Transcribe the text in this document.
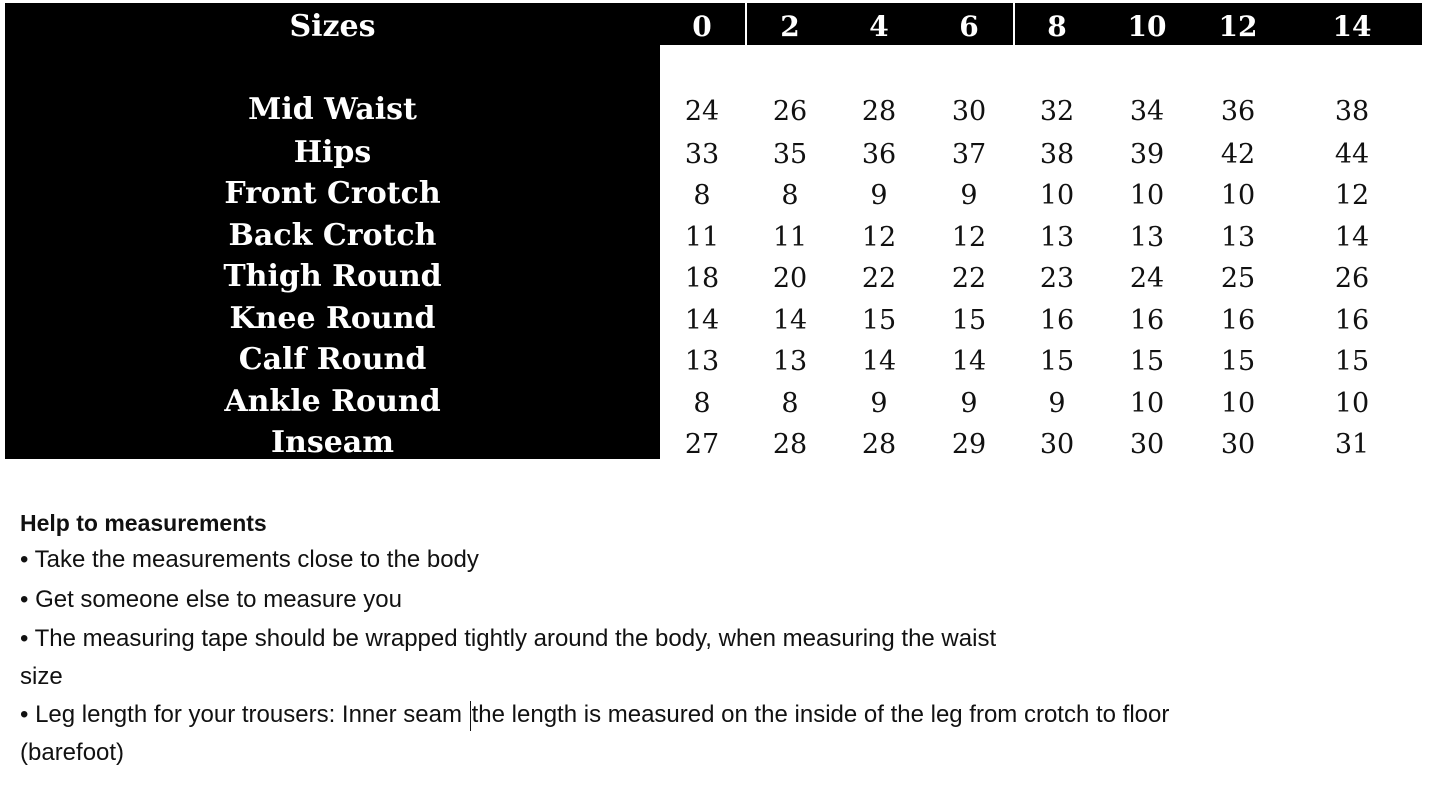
Sizes	0	2	4	6	8	10	12	14
Mid Waist	24	26	28	30	32	34	36	38
Hips	33	35	36	37	38	39	42	44
Front Crotch	8	8	9	9	10	10	10	12
Back Crotch	11	11	12	12	13	13	13	14
Thigh Round	18	20	22	22	23	24	25	26
Knee Round	14	14	15	15	16	16	16	16
Calf Round	13	13	14	14	15	15	15	15
Ankle Round	8	8	9	9	9	10	10	10
Inseam	27	28	28	29	30	30	30	31

Help to measurements

• Take the measurements close to the body

• Get someone else to measure you

• The measuring tape should be wrapped tightly around the body, when measuring the waist

size

• Leg length for your trousers: Inner seam the length is measured on the inside of the leg from crotch to floor

(barefoot)
